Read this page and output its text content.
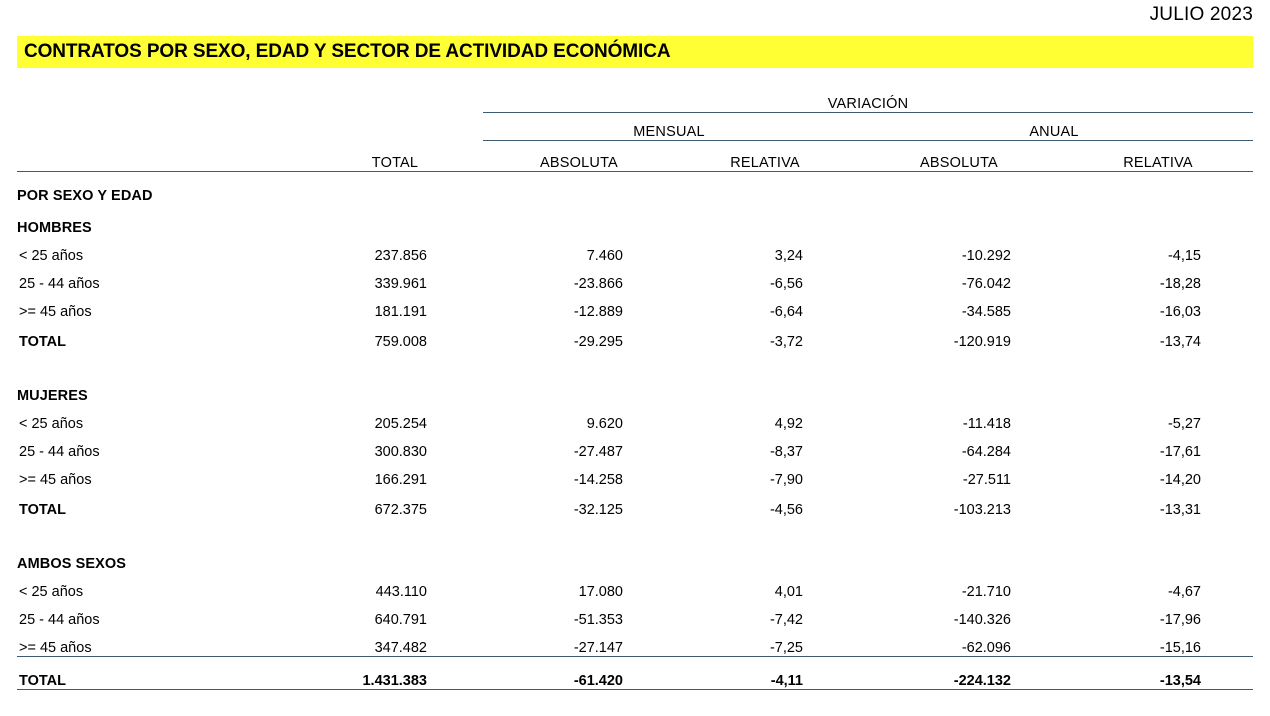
JULIO 2023
CONTRATOS POR SEXO, EDAD Y SECTOR DE ACTIVIDAD ECONÓMICA
		VARIACIÓN			
		MENSUAL		ANUAL	
	TOTAL	ABSOLUTA	RELATIVA	ABSOLUTA	RELATIVA
POR SEXO Y EDAD					
HOMBRES					
< 25 años	237.856	7.460	3,24	-10.292	-4,15
25 - 44 años	339.961	-23.866	-6,56	-76.042	-18,28
>= 45 años	181.191	-12.889	-6,64	-34.585	-16,03
TOTAL	759.008	-29.295	-3,72	-120.919	-13,74

MUJERES					
< 25 años	205.254	9.620	4,92	-11.418	-5,27
25 - 44 años	300.830	-27.487	-8,37	-64.284	-17,61
>= 45 años	166.291	-14.258	-7,90	-27.511	-14,20
TOTAL	672.375	-32.125	-4,56	-103.213	-13,31

AMBOS SEXOS					
< 25 años	443.110	17.080	4,01	-21.710	-4,67
25 - 44 años	640.791	-51.353	-7,42	-140.326	-17,96
>= 45 años	347.482	-27.147	-7,25	-62.096	-15,16
TOTAL	1.431.383	-61.420	-4,11	-224.132	-13,54
